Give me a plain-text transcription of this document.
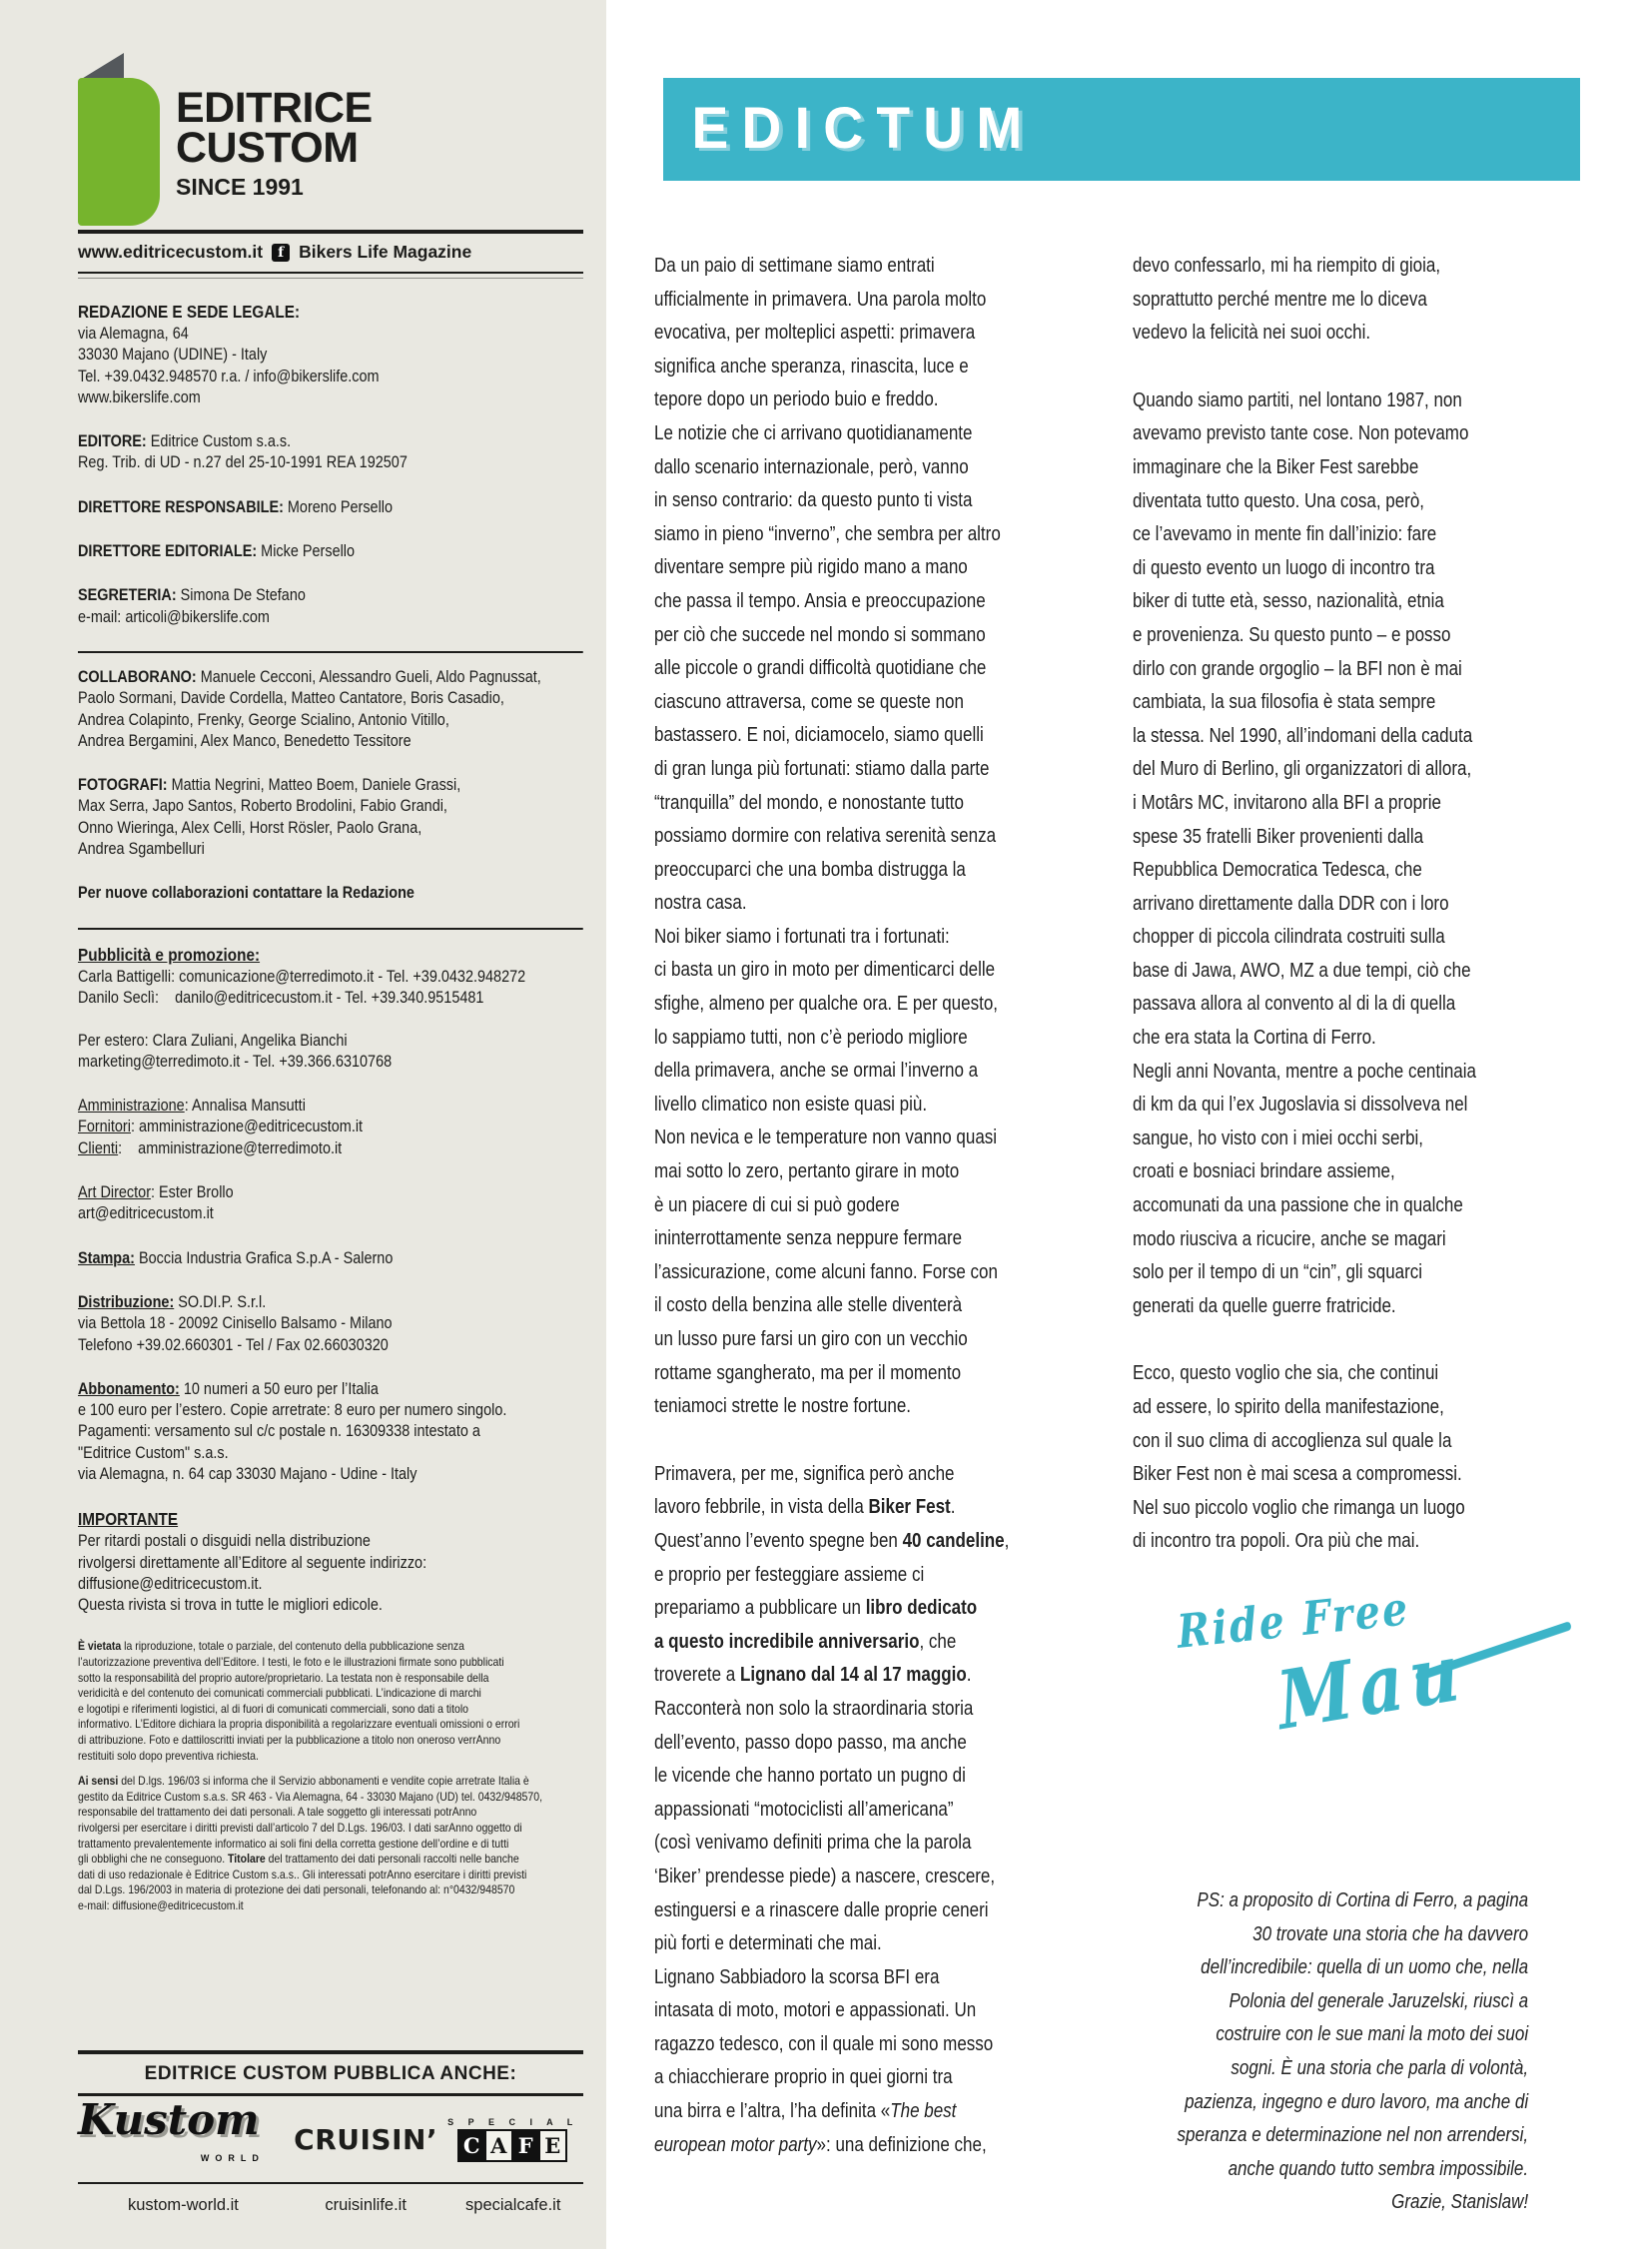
EDITRICE
CUSTOM
SINCE 1991
www.editricecustom.it	f Bikers Life Magazine
REDAZIONE E SEDE LEGALE:
via Alemagna, 64
33030 Majano (UDINE) - Italy
Tel. +39.0432.948570 r.a. / info@bikerslife.com
www.bikerslife.com
EDITORE: Editrice Custom s.a.s.
Reg. Trib. di UD - n.27 del 25-10-1991 REA 192507
DIRETTORE RESPONSABILE: Moreno Persello
DIRETTORE EDITORIALE: Micke Persello
SEGRETERIA: Simona De Stefano
e-mail: articoli@bikerslife.com
COLLABORANO: Manuele Cecconi, Alessandro Gueli, Aldo Pagnussat,
Paolo Sormani, Davide Cordella, Matteo Cantatore, Boris Casadio,
Andrea Colapinto, Frenky, George Scialino, Antonio Vitillo,
Andrea Bergamini, Alex Manco, Benedetto Tessitore
FOTOGRAFI: Mattia Negrini, Matteo Boem, Daniele Grassi,
Max Serra, Japo Santos, Roberto Brodolini, Fabio Grandi,
Onno Wieringa, Alex Celli, Horst Rösler, Paolo Grana,
Andrea Sgambelluri
Per nuove collaborazioni contattare la Redazione
Pubblicità e promozione:
Carla Battigelli: comunicazione@terredimoto.it - Tel. +39.0432.948272
Danilo Seclì:    danilo@editricecustom.it - Tel. +39.340.9515481

Per estero: Clara Zuliani, Angelika Bianchi
marketing@terredimoto.it - Tel. +39.366.6310768
Amministrazione: Annalisa Mansutti
Fornitori: amministrazione@editricecustom.it
Clienti:    amministrazione@terredimoto.it
Art Director: Ester Brollo
art@editricecustom.it
Stampa: Boccia Industria Grafica S.p.A - Salerno
Distribuzione: SO.DI.P. S.r.l.
via Bettola 18 - 20092 Cinisello Balsamo - Milano
Telefono +39.02.660301 - Tel / Fax 02.66030320
Abbonamento: 10 numeri a 50 euro per l’Italia
e 100 euro per l’estero. Copie arretrate: 8 euro per numero singolo.
Pagamenti: versamento sul c/c postale n. 16309338 intestato a
"Editrice Custom" s.a.s.
via Alemagna, n. 64 cap 33030 Majano - Udine - Italy
IMPORTANTE
Per ritardi postali o disguidi nella distribuzione
rivolgersi direttamente all’Editore al seguente indirizzo:
diffusione@editricecustom.it.
Questa rivista si trova in tutte le migliori edicole.
È vietata la riproduzione, totale o parziale, del contenuto della pubblicazione senza
l’autorizzazione preventiva dell’Editore. I testi, le foto e le illustrazioni firmate sono pubblicati
sotto la responsabilità del proprio autore/proprietario. La testata non è responsabile della
veridicità e del contenuto dei comunicati commerciali pubblicati. L’indicazione di marchi
e logotipi e riferimenti logistici, al di fuori di comunicati commerciali, sono dati a titolo
informativo. L’Editore dichiara la propria disponibilità a regolarizzare eventuali omissioni o errori
di attribuzione. Foto e dattiloscritti inviati per la pubblicazione a titolo non oneroso verrAnno
restituiti solo dopo preventiva richiesta.
Ai sensi del D.lgs. 196/03 si informa che il Servizio abbonamenti e vendite copie arretrate Italia è
gestito da Editrice Custom s.a.s. SR 463 - Via Alemagna, 64 - 33030 Majano (UD) tel. 0432/948570,
responsabile del trattamento dei dati personali. A tale soggetto gli interessati potrAnno
rivolgersi per esercitare i diritti previsti dall’articolo 7 del D.Lgs. 196/03. I dati sarAnno oggetto di
trattamento prevalentemente informatico ai soli fini della corretta gestione dell’ordine e di tutti
gli obblighi che ne conseguono. Titolare del trattamento dei dati personali raccolti nelle banche
dati di uso redazionale è Editrice Custom s.a.s.. Gli interessati potrAnno esercitare i diritti previsti
dal D.Lgs. 196/2003 in materia di protezione dei dati personali, telefonando al: n°0432/948570
e-mail: diffusione@editricecustom.it
EDITRICE CUSTOM PUBBLICA ANCHE:
Kustom
WORLD
CRUISIN’
S P E C I A L
C A F E
kustom-world.it	cruisinlife.it	specialcafe.it
EDICTUM
Da un paio di settimane siamo entrati
ufficialmente in primavera. Una parola molto
evocativa, per molteplici aspetti: primavera
significa anche speranza, rinascita, luce e
tepore dopo un periodo buio e freddo.
Le notizie che ci arrivano quotidianamente
dallo scenario internazionale, però, vanno
in senso contrario: da questo punto ti vista
siamo in pieno “inverno”, che sembra per altro
diventare sempre più rigido mano a mano
che passa il tempo. Ansia e preoccupazione
per ciò che succede nel mondo si sommano
alle piccole o grandi difficoltà quotidiane che
ciascuno attraversa, come se queste non
bastassero. E noi, diciamocelo, siamo quelli
di gran lunga più fortunati: stiamo dalla parte
“tranquilla” del mondo, e nonostante tutto
possiamo dormire con relativa serenità senza
preoccuparci che una bomba distrugga la
nostra casa.
Noi biker siamo i fortunati tra i fortunati:
ci basta un giro in moto per dimenticarci delle
sfighe, almeno per qualche ora. E per questo,
lo sappiamo tutti, non c’è periodo migliore
della primavera, anche se ormai l’inverno a
livello climatico non esiste quasi più.
Non nevica e le temperature non vanno quasi
mai sotto lo zero, pertanto girare in moto
è un piacere di cui si può godere
ininterrottamente senza neppure fermare
l’assicurazione, come alcuni fanno. Forse con
il costo della benzina alle stelle diventerà
un lusso pure farsi un giro con un vecchio
rottame sgangherato, ma per il momento
teniamoci strette le nostre fortune.
Primavera, per me, significa però anche
lavoro febbrile, in vista della Biker Fest.
Quest’anno l’evento spegne ben 40 candeline,
e proprio per festeggiare assieme ci
prepariamo a pubblicare un libro dedicato
a questo incredibile anniversario, che
troverete a Lignano dal 14 al 17 maggio.
Racconterà non solo la straordinaria storia
dell’evento, passo dopo passo, ma anche
le vicende che hanno portato un pugno di
appassionati “motociclisti all’americana”
(così venivamo definiti prima che la parola
‘Biker’ prendesse piede) a nascere, crescere,
estinguersi e a rinascere dalle proprie ceneri
più forti e determinati che mai.
Lignano Sabbiadoro la scorsa BFI era
intasata di moto, motori e appassionati. Un
ragazzo tedesco, con il quale mi sono messo
a chiacchierare proprio in quei giorni tra
una birra e l’altra, l’ha definita «The best
european motor party»: una definizione che,
devo confessarlo, mi ha riempito di gioia,
soprattutto perché mentre me lo diceva
vedevo la felicità nei suoi occhi.
Quando siamo partiti, nel lontano 1987, non
avevamo previsto tante cose. Non potevamo
immaginare che la Biker Fest sarebbe
diventata tutto questo. Una cosa, però,
ce l’avevamo in mente fin dall’inizio: fare
di questo evento un luogo di incontro tra
biker di tutte età, sesso, nazionalità, etnia
e provenienza. Su questo punto – e posso
dirlo con grande orgoglio – la BFI non è mai
cambiata, la sua filosofia è stata sempre
la stessa. Nel 1990, all’indomani della caduta
del Muro di Berlino, gli organizzatori di allora,
i Motârs MC, invitarono alla BFI a proprie
spese 35 fratelli Biker provenienti dalla
Repubblica Democratica Tedesca, che
arrivano direttamente dalla DDR con i loro
chopper di piccola cilindrata costruiti sulla
base di Jawa, AWO, MZ a due tempi, ciò che
passava allora al convento al di la di quella
che era stata la Cortina di Ferro.
Negli anni Novanta, mentre a poche centinaia
di km da qui l’ex Jugoslavia si dissolveva nel
sangue, ho visto con i miei occhi serbi,
croati e bosniaci brindare assieme,
accomunati da una passione che in qualche
modo riusciva a ricucire, anche se magari
solo per il tempo di un “cin”, gli squarci
generati da quelle guerre fratricide.
Ecco, questo voglio che sia, che continui
ad essere, lo spirito della manifestazione,
con il suo clima di accoglienza sul quale la
Biker Fest non è mai scesa a compromessi.
Nel suo piccolo voglio che rimanga un luogo
di incontro tra popoli. Ora più che mai.
Ride Free
Mau
PS: a proposito di Cortina di Ferro, a pagina
30 trovate una storia che ha davvero
dell’incredibile: quella di un uomo che, nella
Polonia del generale Jaruzelski, riuscì a
costruire con le sue mani la moto dei suoi
sogni. È una storia che parla di volontà,
pazienza, ingegno e duro lavoro, ma anche di
speranza e determinazione nel non arrendersi,
anche quando tutto sembra impossibile.
Grazie, Stanislaw!
